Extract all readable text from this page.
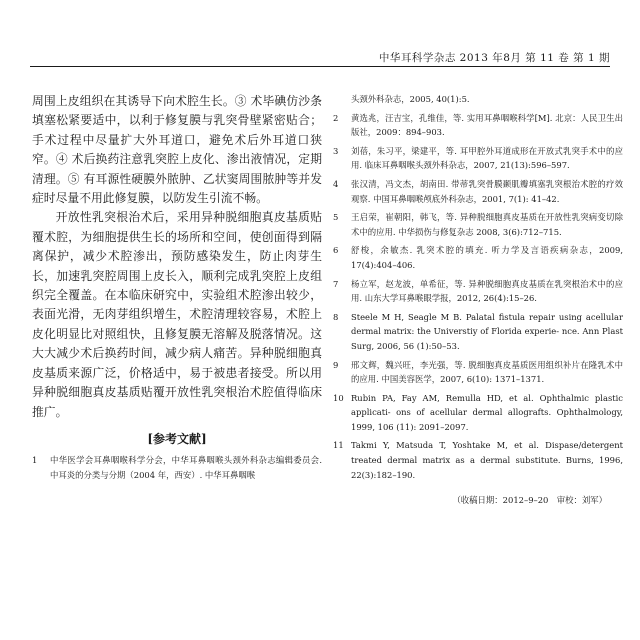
中华耳科学杂志 2013 年8月 第 11 卷 第 1 期

周围上皮组织在其诱导下向术腔生长。③ 术毕碘仿沙条填塞松紧要适中，以利于修复膜与乳突骨壁紧密贴合；手术过程中尽量扩大外耳道口，避免术后外耳道口狭窄。④ 术后换药注意乳突腔上皮化、渗出液情况，定期清理。⑤ 有耳源性硬膜外脓肿、乙状窦周围脓肿等并发症时尽量不用此修复膜，以防发生引流不畅。

开放性乳突根治术后，采用异种脱细胞真皮基质贴覆术腔，为细胞提供生长的场所和空间，使创面得到隔离保护，减少术腔渗出，预防感染发生，防止肉芽生长，加速乳突腔周围上皮长入，顺利完成乳突腔上皮组织完全覆盖。在本临床研究中，实验组术腔渗出较少，表面光滑，无肉芽组织增生，术腔清理较容易，术腔上皮化明显比对照组快，且修复膜无溶解及脱落情况。这大大减少术后换药时间，减少病人痛苦。异种脱细胞真皮基质来源广泛，价格适中，易于被患者接受。所以用异种脱细胞真皮基质贴覆开放性乳突根治术腔值得临床推广。

[参考文献]
1	中华医学会耳鼻咽喉科学分会，中华耳鼻咽喉头颈外科杂志编辑委员会. 中耳炎的分类与分期（2004 年，西安）. 中华耳鼻咽喉
头颈外科杂志，2005, 40(1):5.
2	黄选兆，汪吉宝，孔维佳，等. 实用耳鼻咽喉科学[M]. 北京：人民卫生出版社，2009：894–903.
3	刘蓓，朱习平，梁建平，等. 耳甲腔外耳道成形在开放式乳突手术中的应用. 临床耳鼻咽喉头颈外科杂志，2007, 21(13):596–597.
4	张汉清，冯文杰，胡南田. 带蒂乳突骨膜颞肌瓣填塞乳突根治术腔的疗效观察. 中国耳鼻咽喉颅底外科杂志，2001, 7(1): 41–42.
5	王启荣，崔朝阳，韩飞，等. 异种脱细胞真皮基质在开放性乳突病变切除术中的应用. 中华损伤与修复杂志 2008, 3(6):712–715.
6	舒梭，余敏杰. 乳突术腔的填充. 听力学及言语疾病杂志，2009, 17(4):404–406.
7	杨立军，赵龙波，单希征，等. 异种脱细胞真皮基质在乳突根治术中的应用. 山东大学耳鼻喉眼学报，2012, 26(4):15–26.
8	Steele M H, Seagle M B. Palatal fistula repair using acellular dermal matrix: the Universtiy of Florida experie- nce. Ann Plast Surg, 2006, 56 (1):50–53.
9	邢文辉，魏兴旺，李光强，等. 脱细胞真皮基质医用组织补片在隆乳术中的应用. 中国美容医学，2007, 6(10): 1371–1371.
10 Rubin PA, Fay AM, Remulla HD, et al. Ophthalmic plastic applicati- ons of acellular dermal allografts. Ophthalmology, 1999, 106 (11): 2091–2097.
11 Takmi Y, Matsuda T, Yoshtake M, et al. Dispase/detergent treated dermal matrix as a dermal substitute. Burns, 1996, 22(3):182–190.
（收稿日期：2012–9–20　审校：刘军）
